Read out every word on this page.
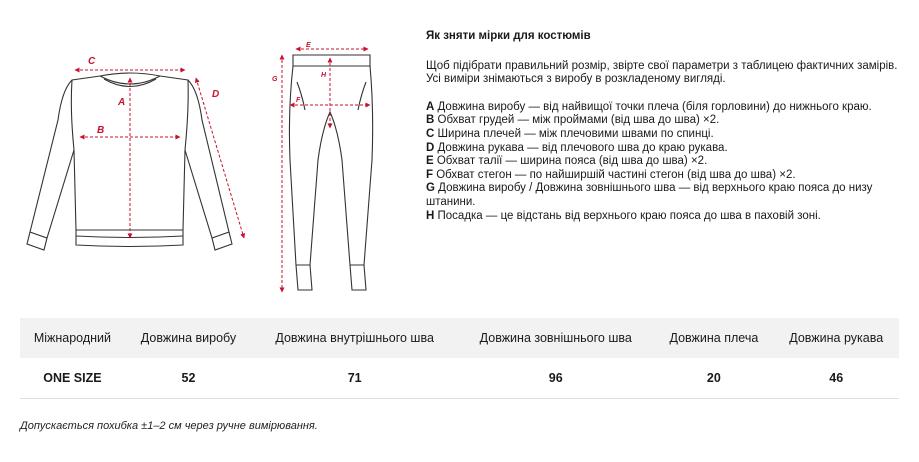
C
A
B
D
E
H
F
G
Як зняти мірки для костюмів

Щоб підібрати правильний розмір, звірте свої параметри з таблицею фактичних замірів. Усі виміри знімаються з виробу в розкладеному вигляді.

A Довжина виробу — від найвищої точки плеча (біля горловини) до нижнього краю.
B Обхват грудей — між проймами (від шва до шва) ×2.
C Ширина плечей — між плечовими швами по спинці.
D Довжина рукава — від плечового шва до краю рукава.
E Обхват талії — ширина пояса (від шва до шва) ×2.
F Обхват стегон — по найширшій частині стегон (від шва до шва) ×2.
G Довжина виробу / Довжина зовнішнього шва — від верхнього краю пояса до низу штанини.
H Посадка — це відстань від верхнього краю пояса до шва в паховій зоні.
Міжнародний	Довжина виробу	Довжина внутрішнього шва	Довжина зовнішнього шва	Довжина плеча	Довжина рукава
ONE SIZE	52	71	96	20	46
Допускається похибка ±1–2 см через ручне вимірювання.
